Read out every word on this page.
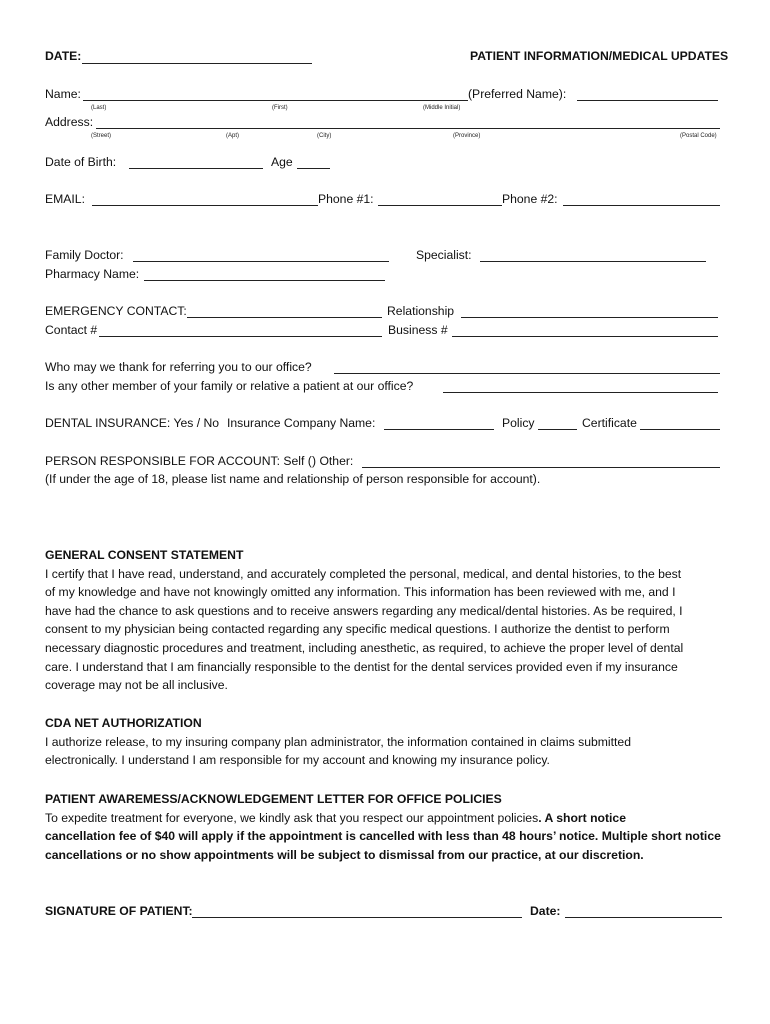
DATE:	PATIENT INFORMATION/MEDICAL UPDATES
Name:	(Preferred Name):
(Last)	(First)	(Middle Initial)
Address:
(Street)	(Apt)	(City)	(Province)	(Postal Code)
Date of Birth:	Age
EMAIL:	Phone #1:	Phone #2:
Family Doctor:	Specialist:
Pharmacy Name:
EMERGENCY CONTACT:	Relationship
Contact #	Business #
Who may we thank for referring you to our office?
Is any other member of your family or relative a patient at our office?
DENTAL INSURANCE: Yes / No Insurance Company Name:	Policy	Certificate
PERSON RESPONSIBLE FOR ACCOUNT: Self ( ) Other:
(If under the age of 18, please list name and relationship of person responsible for account).

GENERAL CONSENT STATEMENT

I certify that I have read, understand, and accurately completed the personal, medical, and dental histories, to the best

of my knowledge and have not knowingly omitted any information. This information has been reviewed with me, and I

have had the chance to ask questions and to receive answers regarding any medical/dental histories. As be required, I

consent to my physician being contacted regarding any specific medical questions. I authorize the dentist to perform

necessary diagnostic procedures and treatment, including anesthetic, as required, to achieve the proper level of dental

care. I understand that I am financially responsible to the dentist for the dental services provided even if my insurance

coverage may not be all inclusive.

CDA NET AUTHORIZATION

I authorize release, to my insuring company plan administrator, the information contained in claims submitted

electronically. I understand I am responsible for my account and knowing my insurance policy.

PATIENT AWAREMESS/ACKNOWLEDGEMENT LETTER FOR OFFICE POLICIES

To expedite treatment for everyone, we kindly ask that you respect our appointment policies. A short notice

cancellation fee of $40 will apply if the appointment is cancelled with less than 48 hours’ notice. Multiple short notice

cancellations or no show appointments will be subject to dismissal from our practice, at our discretion.

SIGNATURE OF PATIENT:	Date:
